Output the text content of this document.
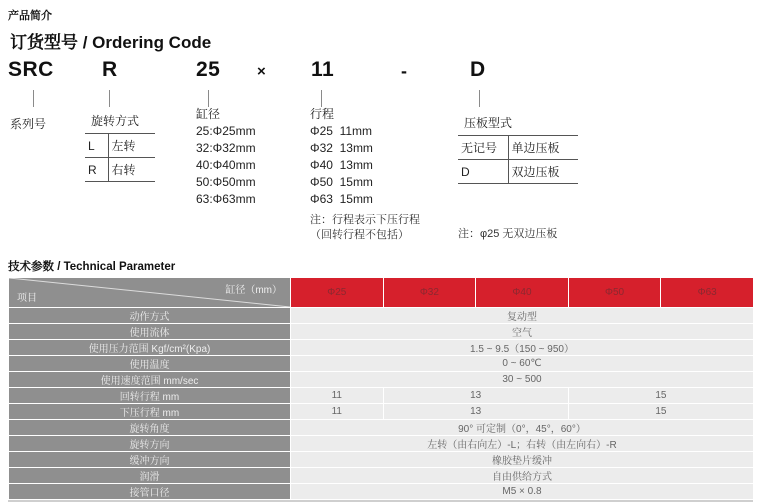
产品简介
订货型号 / Ordering Code
SRC R	25 × 11	-	D
系列号	旋转方式
L	左转
R	右转
缸径
25:Φ25mm
32:Φ32mm
40:Φ40mm
50:Φ50mm
63:Φ63mm
行程
Φ25  11mm
Φ32  13mm
Φ40  13mm
Φ50  15mm
Φ63  15mm
注：行程表示下压行程
（回转行程不包括）
压板型式
无记号	单边压板
D	双边压板
注：φ25 无双边压板
技术参数 / Technical Parameter
缸径（mm）
项目	Φ25	Φ32	Φ40	Φ50	Φ63
动作方式	复动型				
使用流体	空气				
使用压力范围 Kgf/cm²(Kpa)	1.5 ~ 9.5（150 ~ 950）				
使用温度	0 ~ 60℃				
使用速度范围 mm/sec	30 ~ 500				
回转行程 mm	11	13		15	
下压行程 mm	11	13		15	
旋转角度	90° 可定制（0°，45°，60°）				
旋转方向	左转（由右向左）-L；右转（由左向右）-R				
缓冲方向	橡胶垫片缓冲				
润滑	自由供给方式				
接管口径	M5 × 0.8				
